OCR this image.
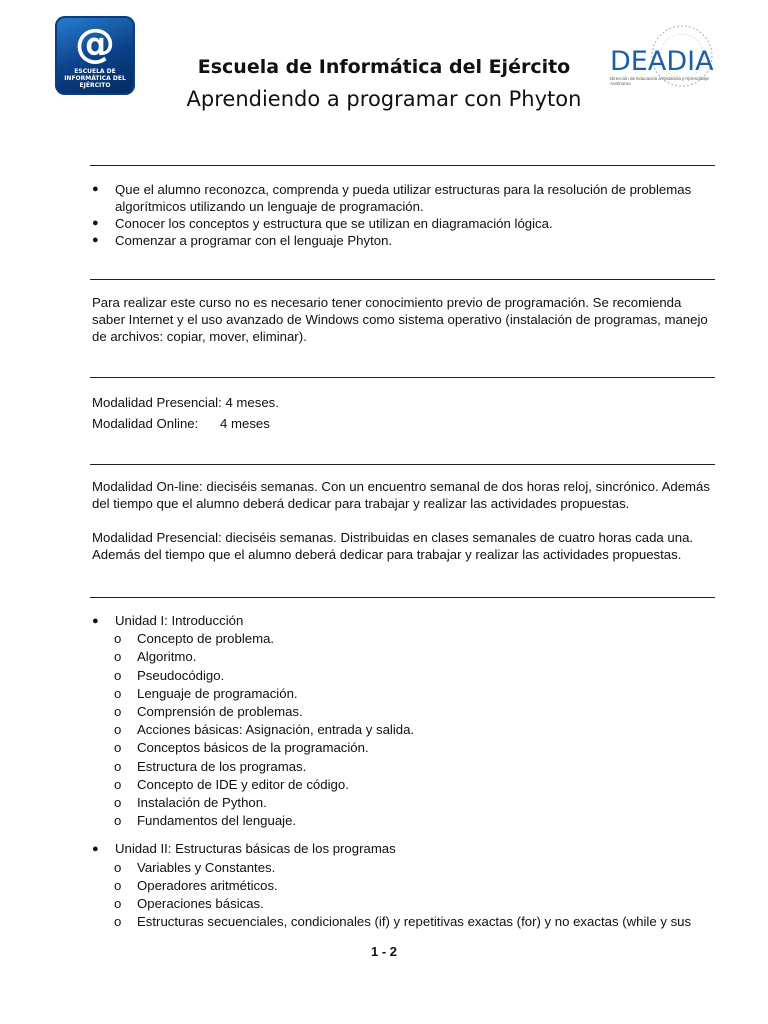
@
ESCUELA DE INFORMÁTICA DEL EJÉRCITO
Escuela de Informática del Ejército
Aprendiendo a programar con Phyton
DEADIA
Dirección de Educación a Distancia y Aprendizaje Autónomo
● Que el alumno reconozca, comprenda y pueda utilizar estructuras para la resolución de problemas algorítmicos utilizando un lenguaje de programación.
● Conocer los conceptos y estructura que se utilizan en diagramación lógica.
● Comenzar a programar con el lenguaje Phyton.

Para realizar este curso no es necesario tener conocimiento previo de programación. Se recomienda saber Internet y el uso avanzado de Windows como sistema operativo (instalación de programas, manejo de archivos: copiar, mover, eliminar).

Modalidad Presencial: 4 meses.
Modalidad Online: 4 meses

Modalidad On-line: dieciséis semanas. Con un encuentro semanal de dos horas reloj, sincrónico. Además del tiempo que el alumno deberá dedicar para trabajar y realizar las actividades propuestas.

Modalidad Presencial: dieciséis semanas. Distribuidas en clases semanales de cuatro horas cada una. Además del tiempo que el alumno deberá dedicar para trabajar y realizar las actividades propuestas.

● Unidad I: Introducción
o Concepto de problema.
o Algoritmo.
o Pseudocódigo.
o Lenguaje de programación.
o Comprensión de problemas.
o Acciones básicas: Asignación, entrada y salida.
o Conceptos básicos de la programación.
o Estructura de los programas.
o Concepto de IDE y editor de código.
o Instalación de Python.
o Fundamentos del lenguaje.
● Unidad II: Estructuras básicas de los programas
o Variables y Constantes.
o Operadores aritméticos.
o Operaciones básicas.
o Estructuras secuenciales, condicionales (if) y repetitivas exactas (for) y no exactas (while y sus
1 - 2
